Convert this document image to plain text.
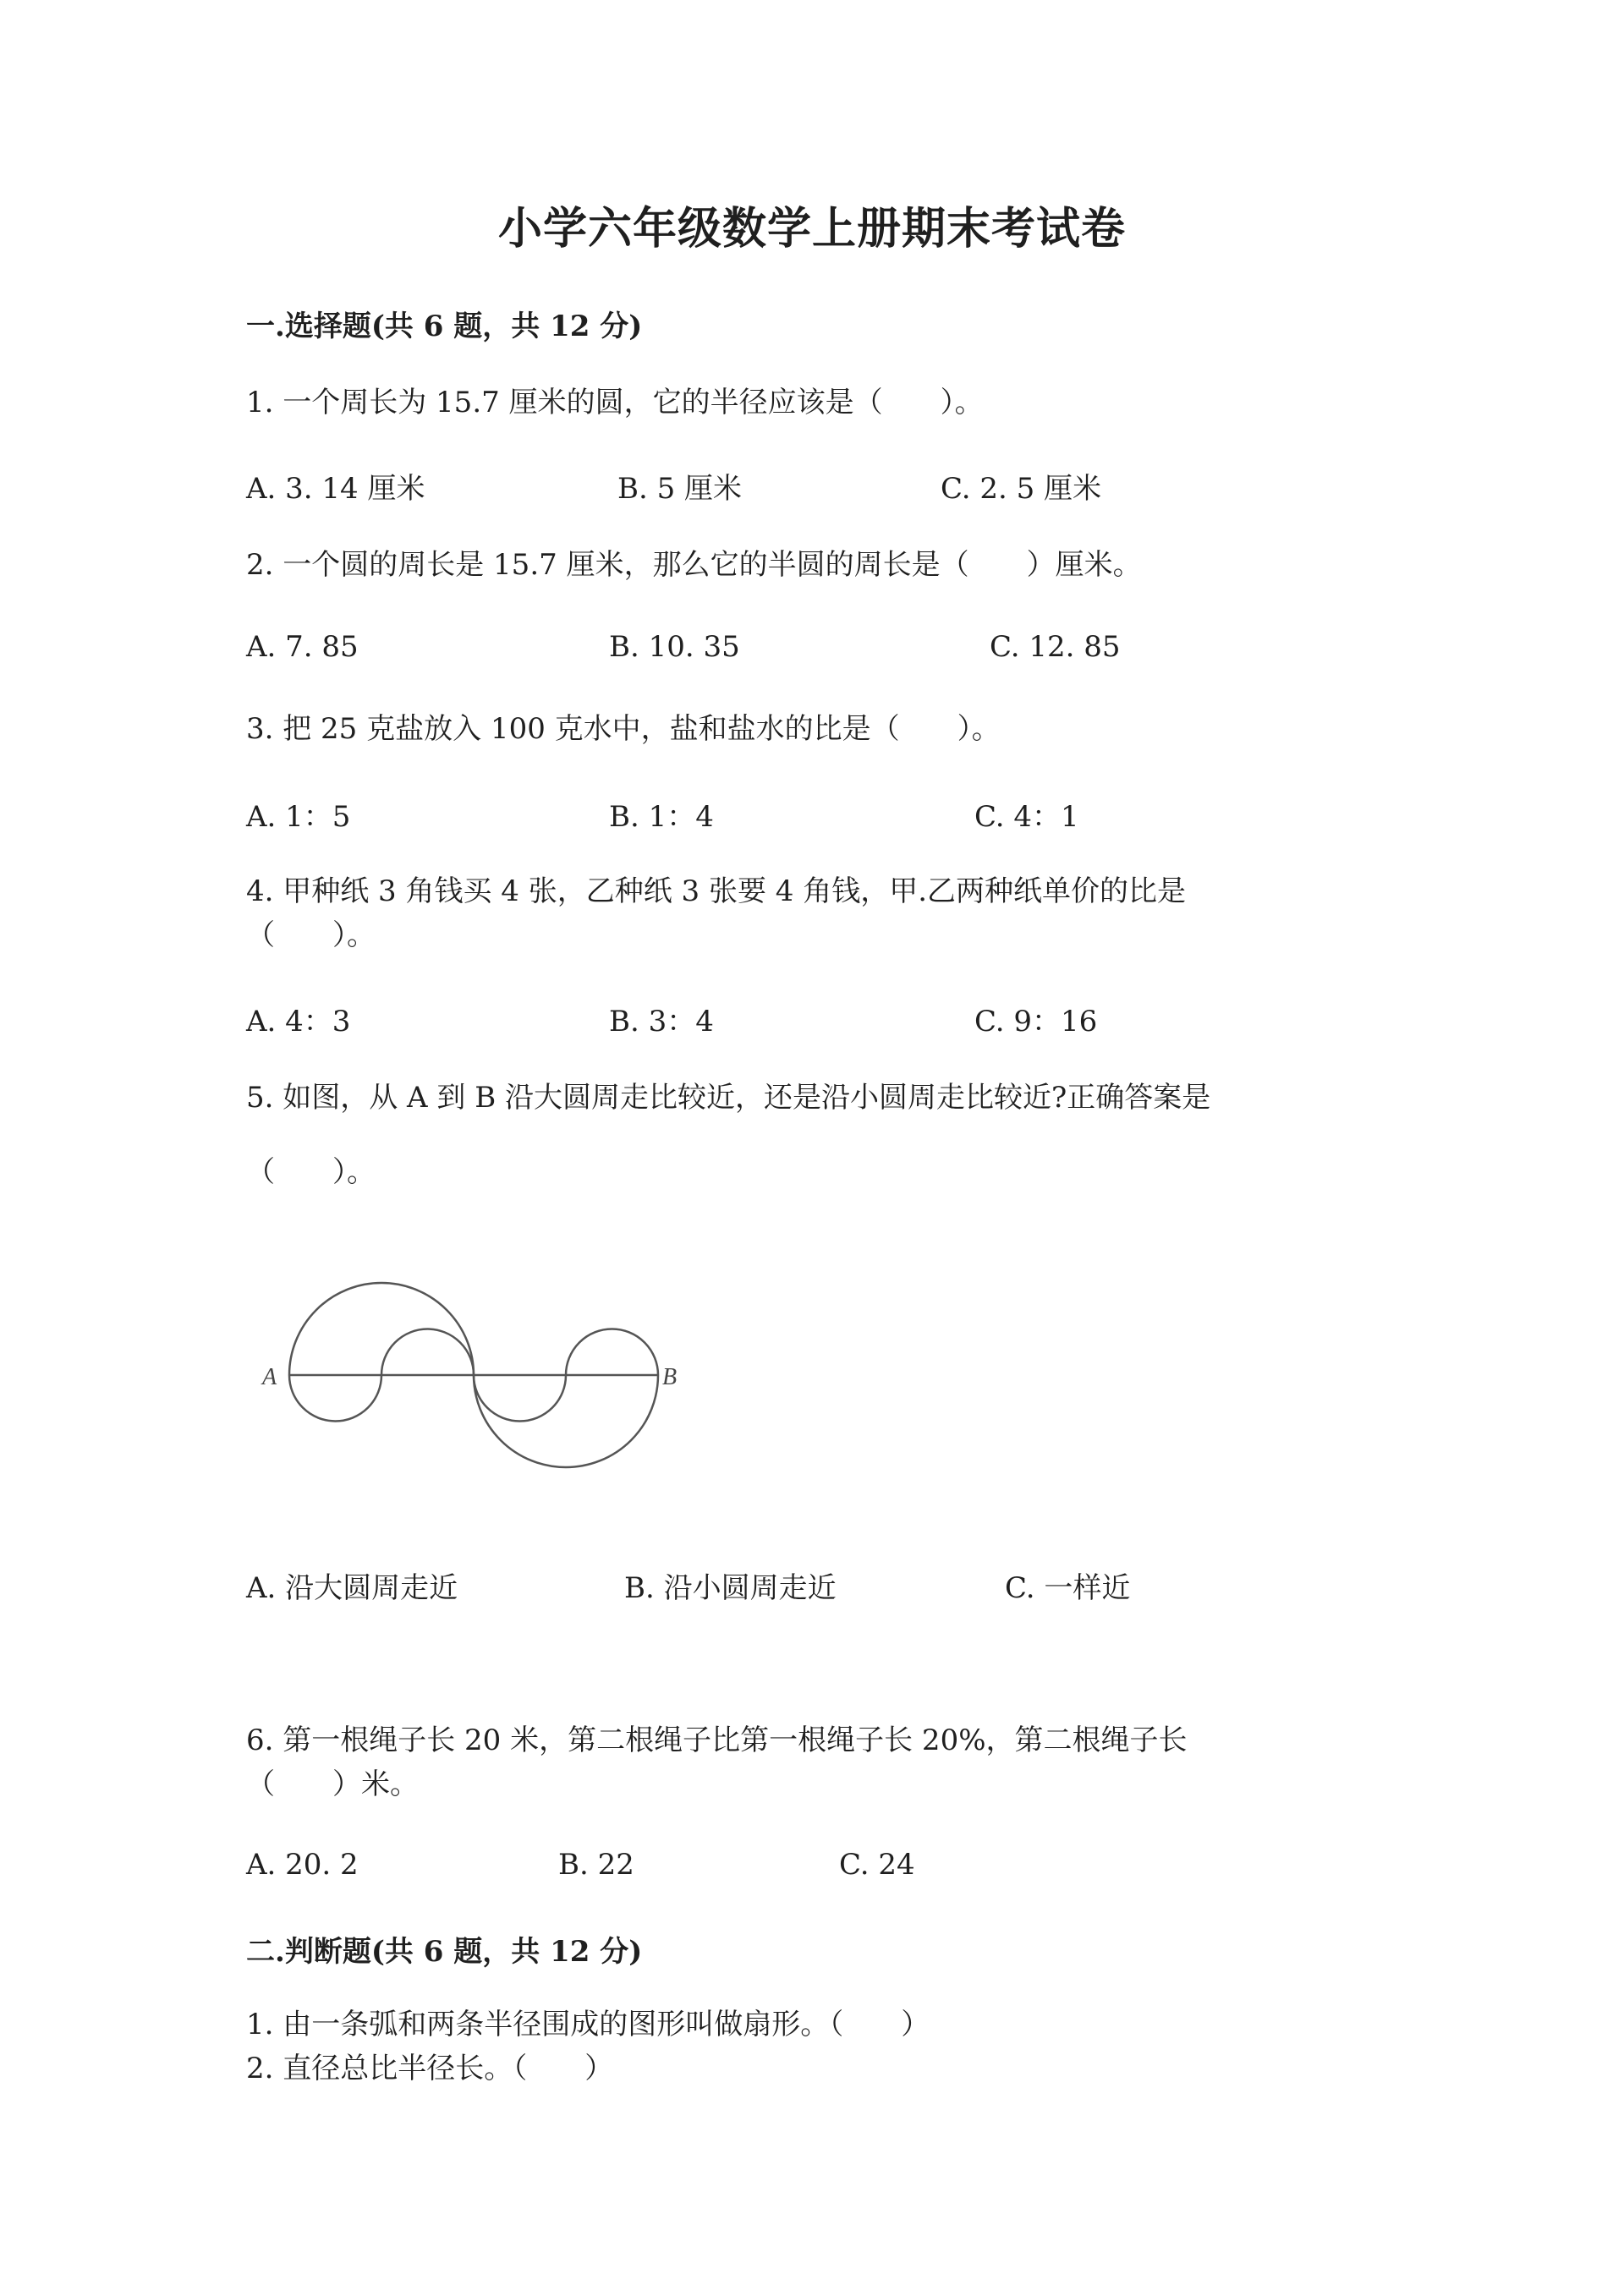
小学六年级数学上册期末考试卷
一.选择题(共 6 题，共 12 分)
1. 一个周长为 15.7 厘米的圆，它的半径应该是（　　）。
A. 3. 14 厘米	B. 5 厘米	C. 2. 5 厘米
2. 一个圆的周长是 15.7 厘米，那么它的半圆的周长是（　　）厘米。
A. 7. 85	B. 10. 35	C. 12. 85
3. 把 25 克盐放入 100 克水中，盐和盐水的比是（　　）。
A. 1：5	B. 1：4	C. 4：1
4. 甲种纸 3 角钱买 4 张，乙种纸 3 张要 4 角钱，甲.乙两种纸单价的比是
（　　）。
A. 4：3	B. 3：4	C. 9：16
5. 如图，从 A 到 B 沿大圆周走比较近，还是沿小圆周走比较近?正确答案是
（　　）。
A	B
A. 沿大圆周走近	B. 沿小圆周走近	C. 一样近
6. 第一根绳子长 20 米，第二根绳子比第一根绳子长 20%，第二根绳子长
（　　）米。
A. 20. 2	B. 22	C. 24
二.判断题(共 6 题，共 12 分)
1. 由一条弧和两条半径围成的图形叫做扇形。（　　）
2. 直径总比半径长。（　　）
